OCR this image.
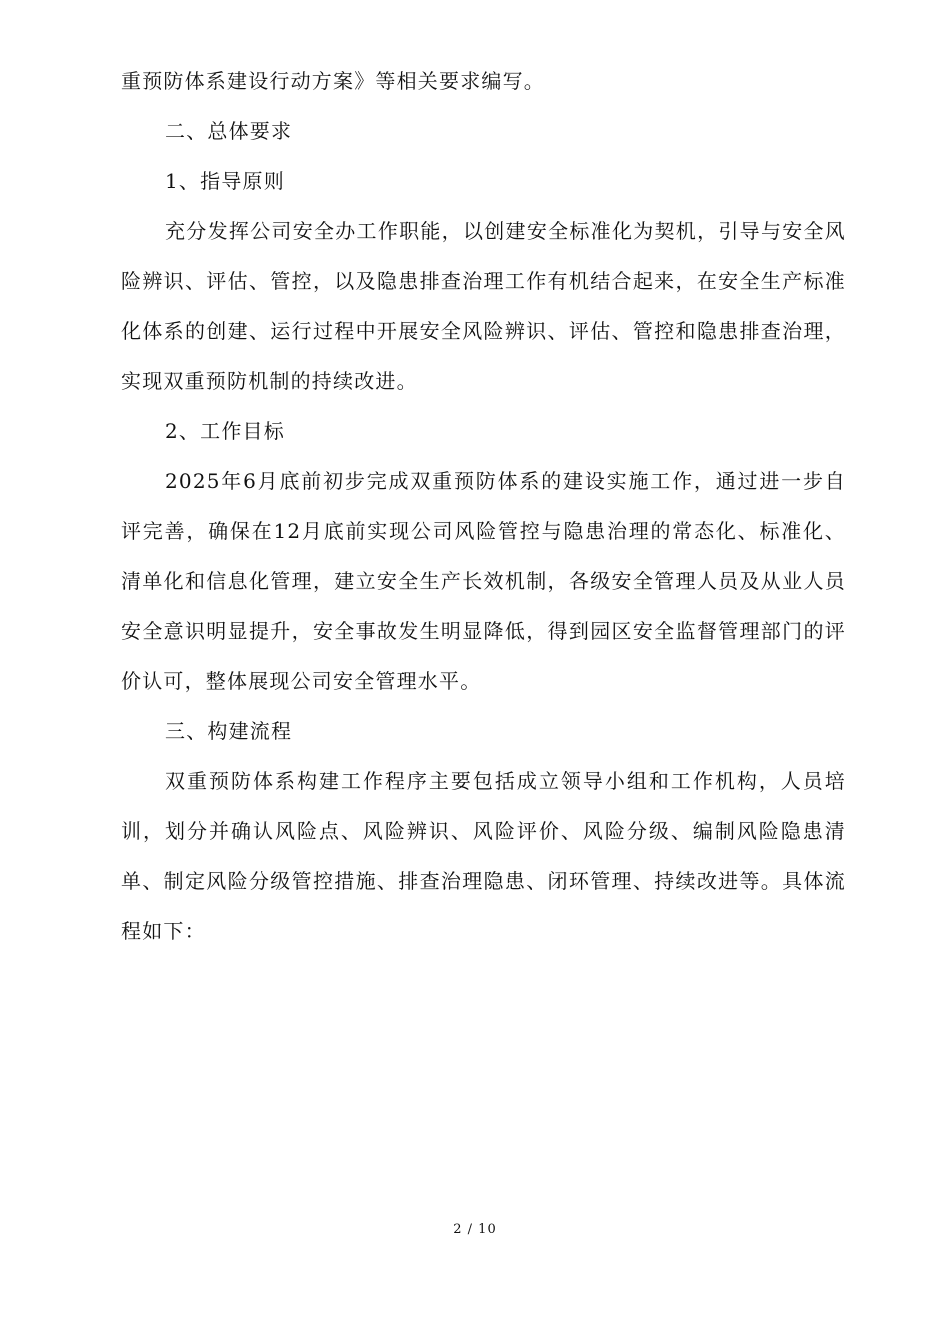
重预防体系建设行动方案》等相关要求编写。

二、总体要求

1、指导原则

充分发挥公司安全办工作职能，以创建安全标准化为契机，引导与安全风险辨识、评估、管控，以及隐患排查治理工作有机结合起来，在安全生产标准化体系的创建、运行过程中开展安全风险辨识、评估、管控和隐患排查治理，实现双重预防机制的持续改进。

2、工作目标

2025年6月底前初步完成双重预防体系的建设实施工作，通过进一步自评完善，确保在12月底前实现公司风险管控与隐患治理的常态化、标准化、清单化和信息化管理，建立安全生产长效机制，各级安全管理人员及从业人员安全意识明显提升，安全事故发生明显降低，得到园区安全监督管理部门的评价认可，整体展现公司安全管理水平。

三、构建流程

双重预防体系构建工作程序主要包括成立领导小组和工作机构，人员培训，划分并确认风险点、风险辨识、风险评价、风险分级、编制风险隐患清单、制定风险分级管控措施、排查治理隐患、闭环管理、持续改进等。具体流程如下：

2 / 10
